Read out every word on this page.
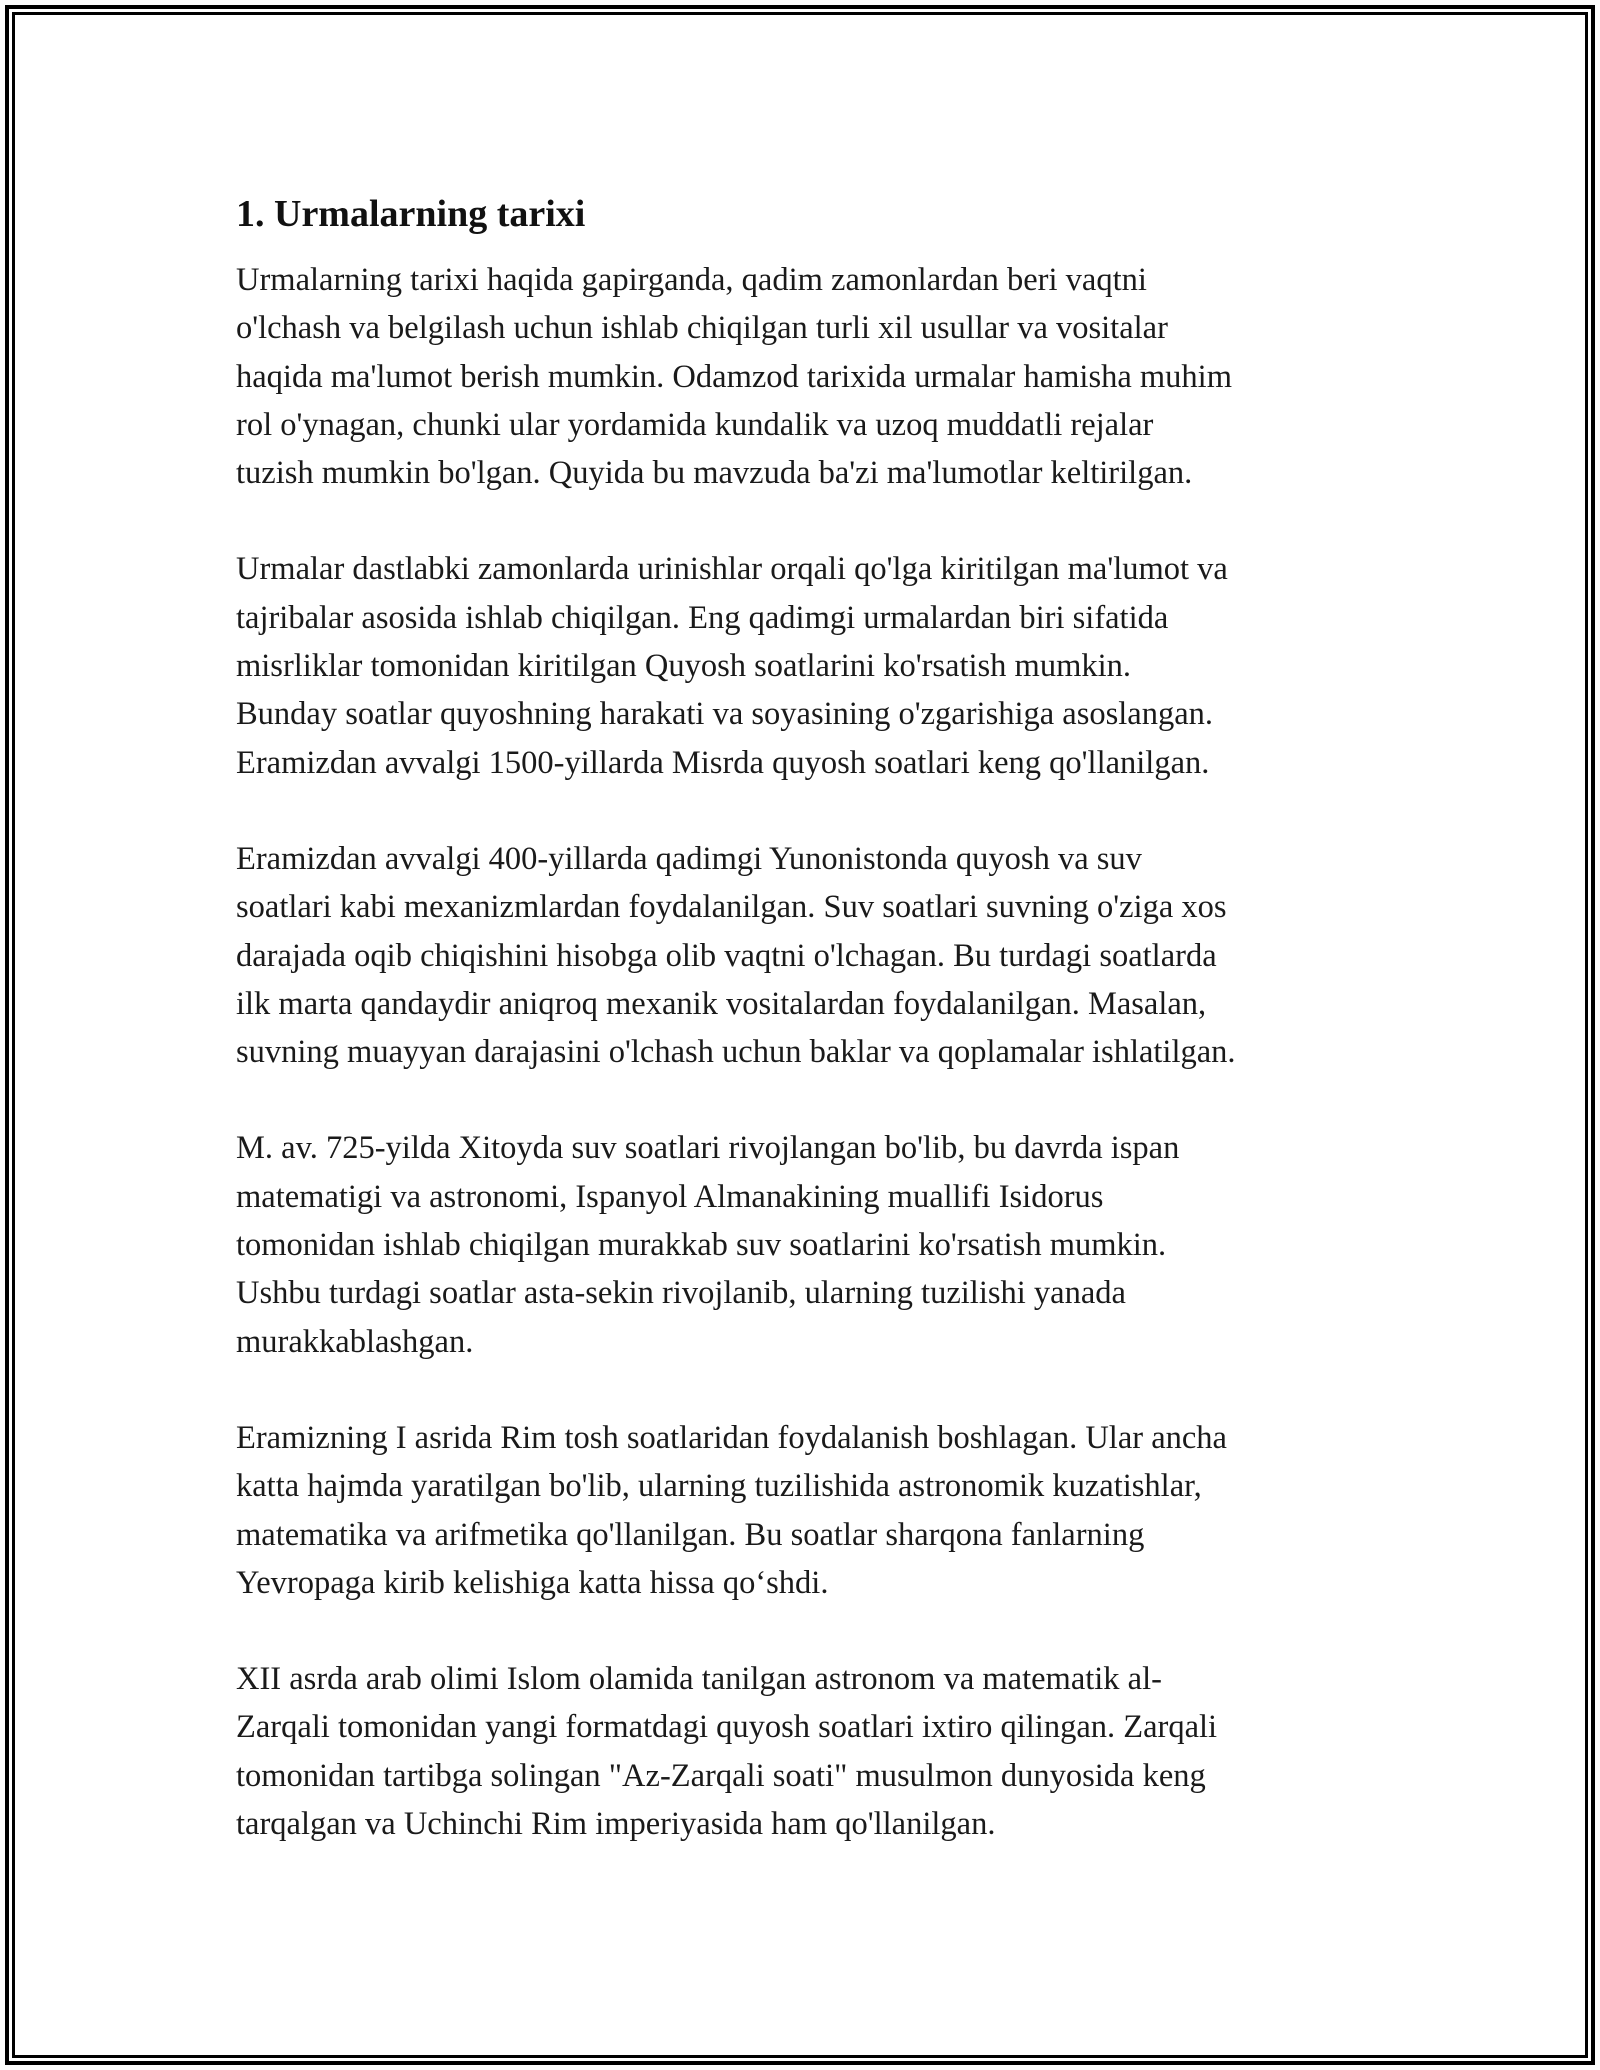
1. Urmalarning tarixi

Urmalarning tarixi haqida gapirganda, qadim zamonlardan beri vaqtni
o'lchash va belgilash uchun ishlab chiqilgan turli xil usullar va vositalar
haqida ma'lumot berish mumkin. Odamzod tarixida urmalar hamisha muhim
rol o'ynagan, chunki ular yordamida kundalik va uzoq muddatli rejalar
tuzish mumkin bo'lgan. Quyida bu mavzuda ba'zi ma'lumotlar keltirilgan.

Urmalar dastlabki zamonlarda urinishlar orqali qo'lga kiritilgan ma'lumot va
tajribalar asosida ishlab chiqilgan. Eng qadimgi urmalardan biri sifatida
misrliklar tomonidan kiritilgan Quyosh soatlarini ko'rsatish mumkin.
Bunday soatlar quyoshning harakati va soyasining o'zgarishiga asoslangan.
Eramizdan avvalgi 1500-yillarda Misrda quyosh soatlari keng qo'llanilgan.

Eramizdan avvalgi 400-yillarda qadimgi Yunonistonda quyosh va suv
soatlari kabi mexanizmlardan foydalanilgan. Suv soatlari suvning o'ziga xos
darajada oqib chiqishini hisobga olib vaqtni o'lchagan. Bu turdagi soatlarda
ilk marta qandaydir aniqroq mexanik vositalardan foydalanilgan. Masalan,
suvning muayyan darajasini o'lchash uchun baklar va qoplamalar ishlatilgan.

M. av. 725-yilda Xitoyda suv soatlari rivojlangan bo'lib, bu davrda ispan
matematigi va astronomi, Ispanyol Almanakining muallifi Isidorus
tomonidan ishlab chiqilgan murakkab suv soatlarini ko'rsatish mumkin.
Ushbu turdagi soatlar asta-sekin rivojlanib, ularning tuzilishi yanada
murakkablashgan.

Eramizning I asrida Rim tosh soatlaridan foydalanish boshlagan. Ular ancha
katta hajmda yaratilgan bo'lib, ularning tuzilishida astronomik kuzatishlar,
matematika va arifmetika qo'llanilgan. Bu soatlar sharqona fanlarning
Yevropaga kirib kelishiga katta hissa qo‘shdi.

XII asrda arab olimi Islom olamida tanilgan astronom va matematik al-
Zarqali tomonidan yangi formatdagi quyosh soatlari ixtiro qilingan. Zarqali
tomonidan tartibga solingan "Az-Zarqali soati" musulmon dunyosida keng
tarqalgan va Uchinchi Rim imperiyasida ham qo'llanilgan.
